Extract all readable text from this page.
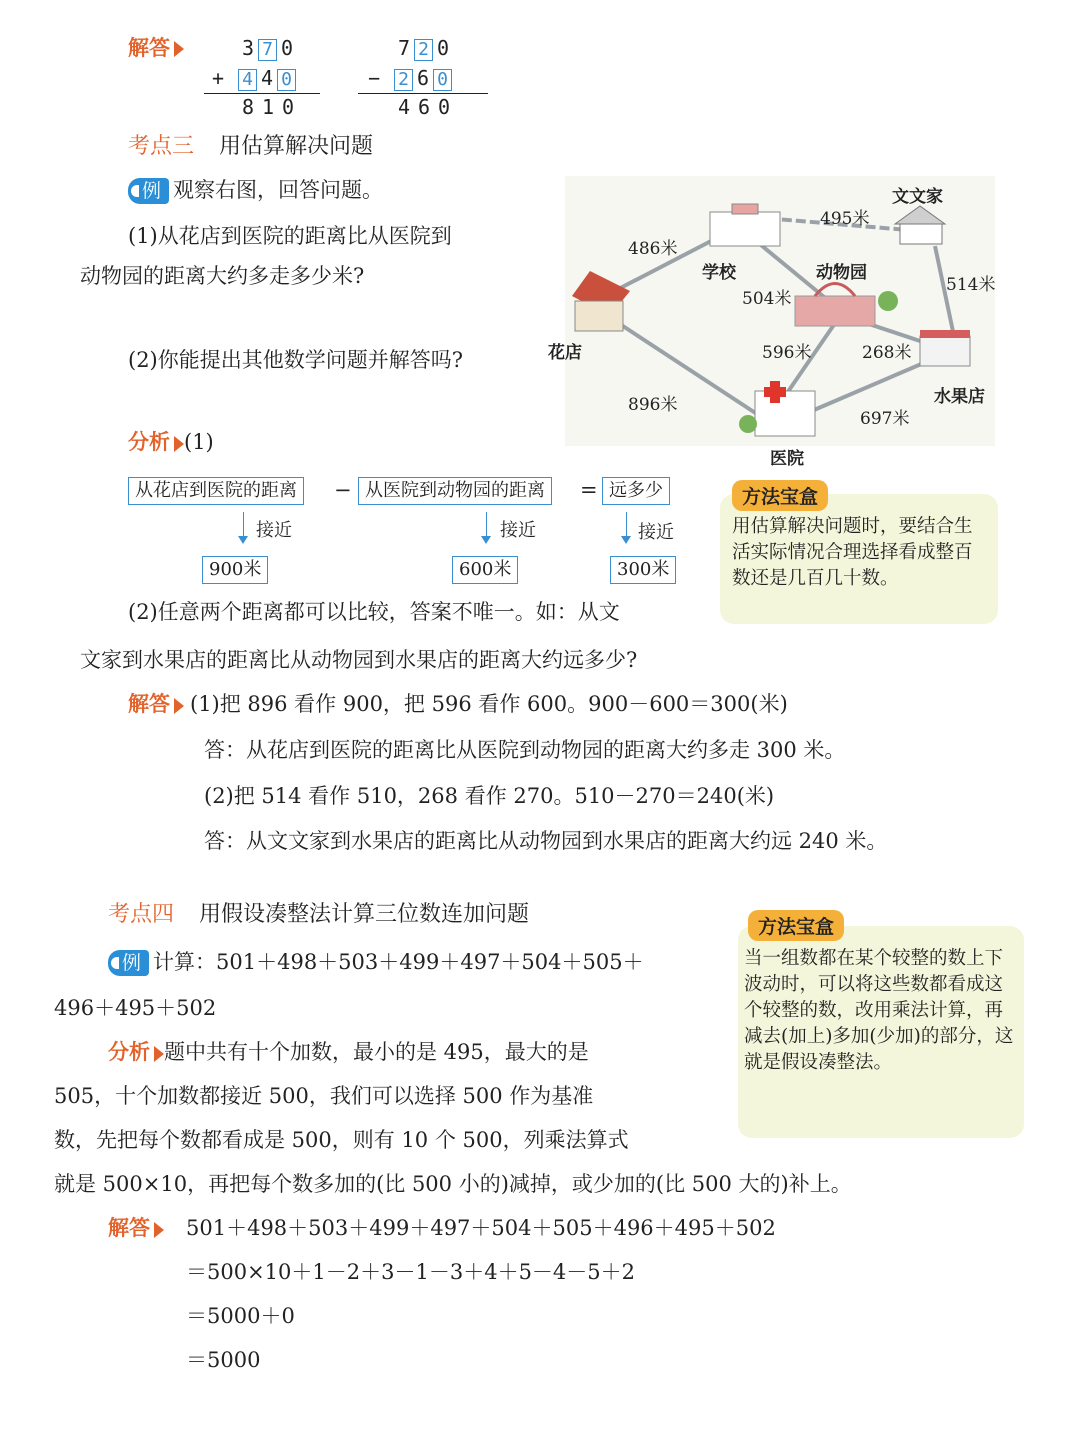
解答	3 7 0
+ 4 4 0
8 1 0
7 2 0
− 2 6 0
4 6 0
考点三 用估算解决问题
例 观察右图，回答问题。
(1)从花店到医院的距离比从医院到
动物园的距离大约多走多少米?
(2)你能提出其他数学问题并解答吗?
486米
495米
文文家
514米
学校	动物园
504米
花店	596米	268米
水果店
896米
697米
医院
分析 (1)
从花店到医院的距离	− 从医院到动物园的距离	= 远多少
接近	接近	接近
900米	600米	300米
方法宝盒
用估算解决问题时，要结合生活实际情况合理选择看成整百数还是几百几十数。
(2)任意两个距离都可以比较，答案不唯一。如：从文
文家到水果店的距离比从动物园到水果店的距离大约远多少?
解答 (1)把 896 看作 900，把 596 看作 600。900－600＝300(米)
答：从花店到医院的距离比从医院到动物园的距离大约多走 300 米。
(2)把 514 看作 510，268 看作 270。510－270＝240(米)
答：从文文家到水果店的距离比从动物园到水果店的距离大约远 240 米。
考点四 用假设凑整法计算三位数连加问题
例 计算：501＋498＋503＋499＋497＋504＋505＋
496＋495＋502
分析 题中共有十个加数，最小的是 495，最大的是
505，十个加数都接近 500，我们可以选择 500 作为基准
数，先把每个数都看成是 500，则有 10 个 500，列乘法算式
就是 500×10，再把每个数多加的(比 500 小的)减掉，或少加的(比 500 大的)补上。
方法宝盒
当一组数都在某个较整的数上下波动时，可以将这些数都看成这个较整的数，改用乘法计算，再减去(加上)多加(少加)的部分，这就是假设凑整法。
解答 501＋498＋503＋499＋497＋504＋505＋496＋495＋502
＝500×10＋1－2＋3－1－3＋4＋5－4－5＋2
＝5000＋0
＝5000
